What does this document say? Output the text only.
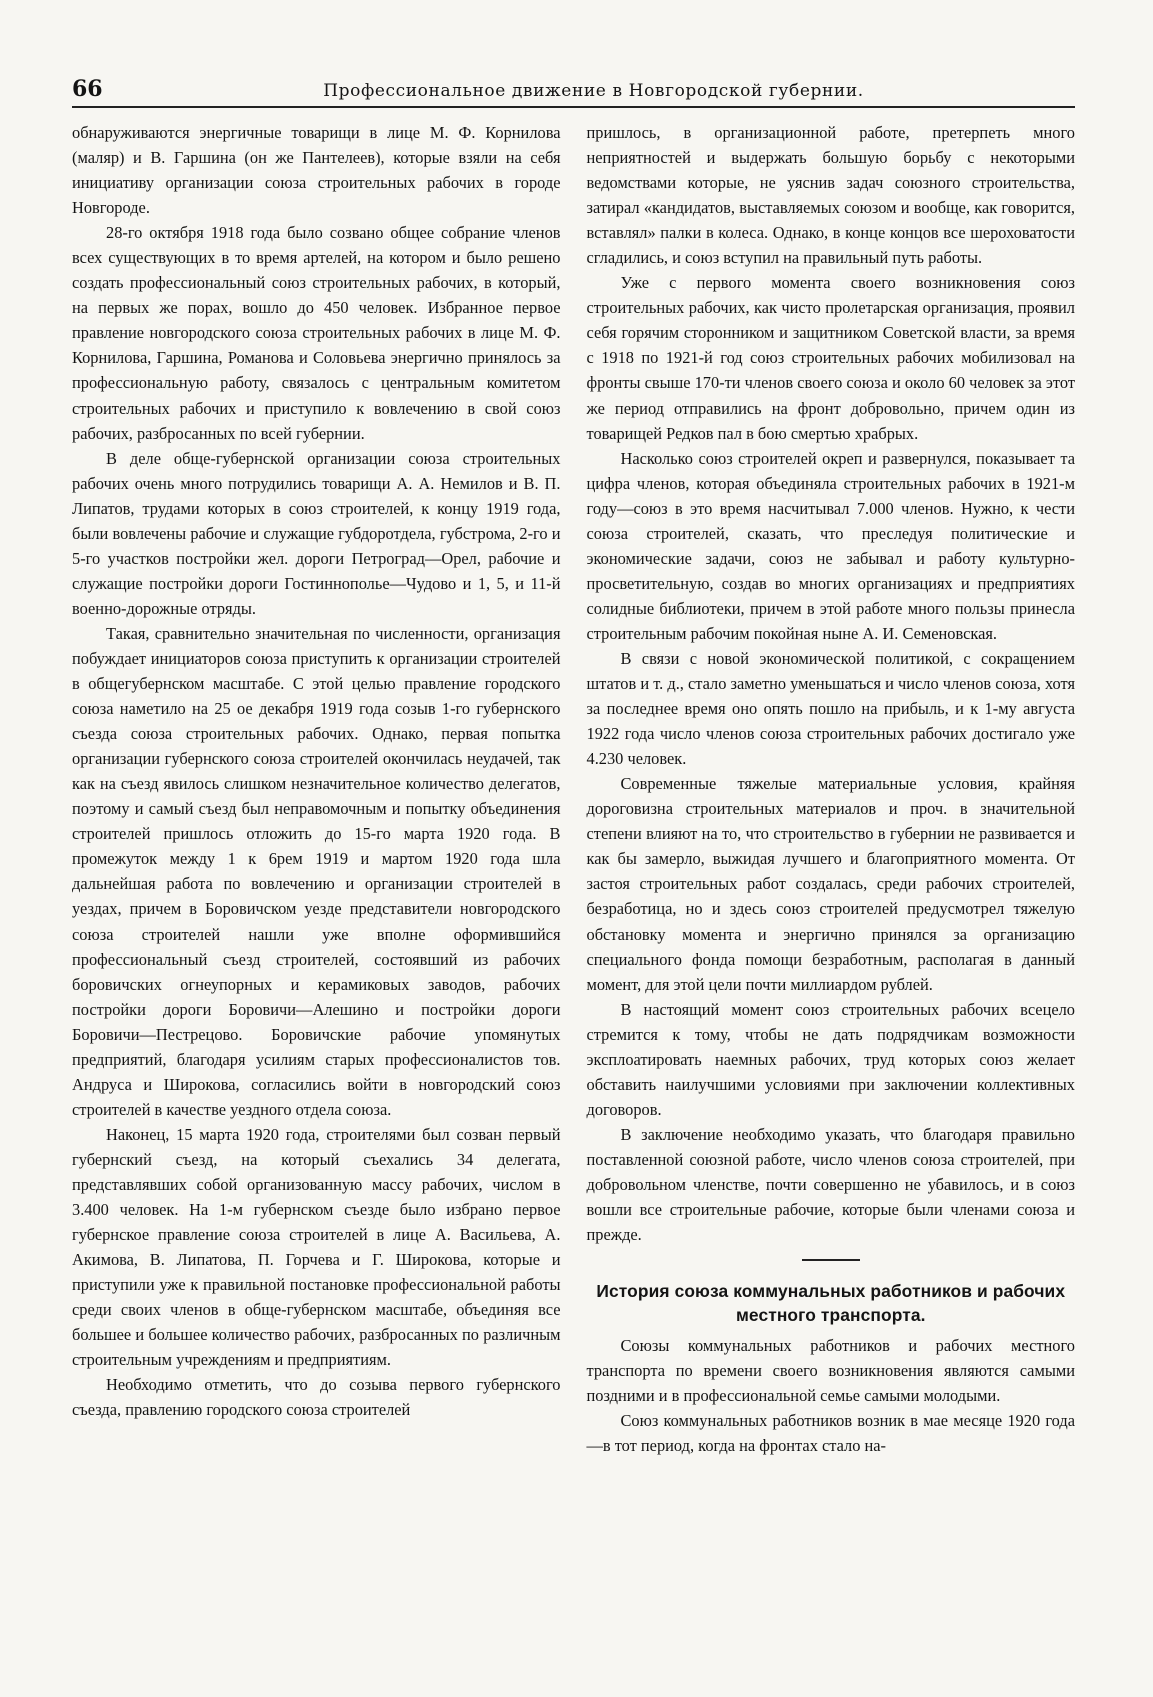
66	Профессиональное движение в Новгородской губернии.

обнаруживаются энергичные товарищи в лице М. Ф. Корнилова (маляр) и В. Гаршина (он же Пантелеев), которые взяли на себя инициативу организации союза строительных рабочих в городе Новгороде.

28-го октября 1918 года было созвано общее собрание членов всех существующих в то время артелей, на котором и было решено создать профессиональный союз строительных рабочих, в который, на первых же порах, вошло до 450 человек. Избранное первое правление новгородского союза строительных рабочих в лице М. Ф. Корнилова, Гаршина, Романова и Соловьева энергично принялось за профессиональную работу, связалось с центральным комитетом строительных рабочих и приступило к вовлечению в свой союз рабочих, разбросанных по всей губернии.

В деле обще-губернской организации союза строительных рабочих очень много потрудились товарищи А. А. Немилов и В. П. Липатов, трудами которых в союз строителей, к концу 1919 года, были вовлечены рабочие и служащие губдоротдела, губстрома, 2-го и 5-го участков постройки жел. дороги Петроград—Орел, рабочие и служащие постройки дороги Гостиннополье—Чудово и 1, 5, и 11-й военно-дорожные отряды.

Такая, сравнительно значительная по численности, организация побуждает инициаторов союза приступить к организации строителей в общегубернском масштабе. С этой целью правление городского союза наметило на 25 ое декабря 1919 года созыв 1-го губернского съезда союза строительных рабочих. Однако, первая попытка организации губернского союза строителей окончилась неудачей, так как на съезд явилось слишком незначительное количество делегатов, поэтому и самый съезд был неправомочным и попытку объединения строителей пришлось отложить до 15-го марта 1920 года. В промежуток между 1 к 6рем 1919 и мартом 1920 года шла дальнейшая работа по вовлечению и организации строителей в уездах, причем в Боровичском уезде представители новгородского союза строителей нашли уже вполне оформившийся профессиональный съезд строителей, состоявший из рабочих боровичских огнеупорных и керамиковых заводов, рабочих постройки дороги Боровичи—Алешино и постройки дороги Боровичи—Пестрецово. Боровичские рабочие упомянутых предприятий, благодаря усилиям старых профессионалистов тов. Андруса и Широкова, согласились войти в новгородский союз строителей в качестве уездного отдела союза.

Наконец, 15 марта 1920 года, строителями был созван первый губернский съезд, на который съехались 34 делегата, представлявших собой организованную массу рабочих, числом в 3.400 человек. На 1-м губернском съезде было избрано первое губернское правление союза строителей в лице А. Васильева, А. Акимова, В. Липатова, П. Горчева и Г. Широкова, которые и приступили уже к правильной постановке профессиональной работы среди своих членов в обще-губернском масштабе, объединяя все большее и большее количество рабочих, разбросанных по различным строительным учреждениям и предприятиям.

Необходимо отметить, что до созыва первого губернского съезда, правлению городского союза строителей

пришлось, в организационной работе, претерпеть много неприятностей и выдержать большую борьбу с некоторыми ведомствами которые, не уяснив задач союзного строительства, затирал «кандидатов, выставляемых союзом и вообще, как говорится, вставлял» палки в колеса. Однако, в конце концов все шероховатости сгладились, и союз вступил на правильный путь работы.

Уже с первого момента своего возникновения союз строительных рабочих, как чисто пролетарская организация, проявил себя горячим сторонником и защитником Советской власти, за время с 1918 по 1921-й год союз строительных рабочих мобилизовал на фронты свыше 170-ти членов своего союза и около 60 человек за этот же период отправились на фронт добровольно, причем один из товарищей Редков пал в бою смертью храбрых.

Насколько союз строителей окреп и развернулся, показывает та цифра членов, которая объединяла строительных рабочих в 1921-м году—союз в это время насчитывал 7.000 членов. Нужно, к чести союза строителей, сказать, что преследуя политические и экономические задачи, союз не забывал и работу культурно-просветительную, создав во многих организациях и предприятиях солидные библиотеки, причем в этой работе много пользы принесла строительным рабочим покойная ныне А. И. Семеновская.

В связи с новой экономической политикой, с сокращением штатов и т. д., стало заметно уменьшаться и число членов союза, хотя за последнее время оно опять пошло на прибыль, и к 1-му августа 1922 года число членов союза строительных рабочих достигало уже 4.230 человек.

Современные тяжелые материальные условия, крайняя дороговизна строительных материалов и проч. в значительной степени влияют на то, что строительство в губернии не развивается и как бы замерло, выжидая лучшего и благоприятного момента. От застоя строительных работ создалась, среди рабочих строителей, безработица, но и здесь союз строителей предусмотрел тяжелую обстановку момента и энергично принялся за организацию специального фонда помощи безработным, располагая в данный момент, для этой цели почти миллиардом рублей.

В настоящий момент союз строительных рабочих всецело стремится к тому, чтобы не дать подрядчикам возможности эксплоатировать наемных рабочих, труд которых союз желает обставить наилучшими условиями при заключении коллективных договоров.

В заключение необходимо указать, что благодаря правильно поставленной союзной работе, число членов союза строителей, при добровольном членстве, почти совершенно не убавилось, и в союз вошли все строительные рабочие, которые были членами союза и прежде.

История союза коммунальных работников и рабочих местного транспорта.

Союзы коммунальных работников и рабочих местного транспорта по времени своего возникновения являются самыми поздними и в профессиональной семье самыми молодыми.

Союз коммунальных работников возник в мае месяце 1920 года—в тот период, когда на фронтах стало на-
